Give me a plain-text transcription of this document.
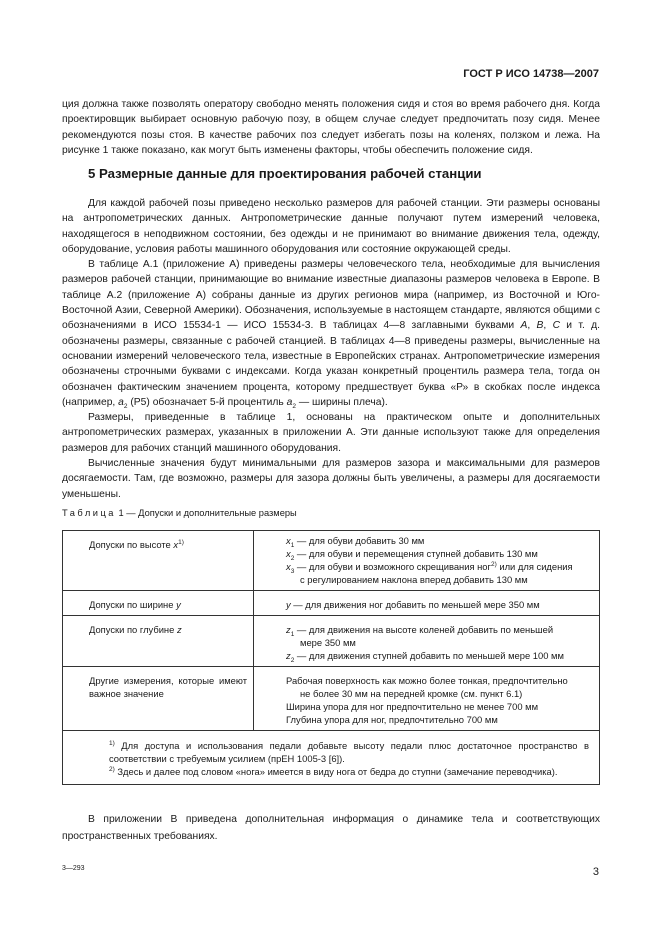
ГОСТ Р ИСО 14738—2007

ция должна также позволять оператору свободно менять положения сидя и стоя во время рабочего дня. Когда проектировщик выбирает основную рабочую позу, в общем случае следует предпочитать позу сидя. Менее рекомендуются позы стоя. В качестве рабочих поз следует избегать позы на коленях, ползком и лежа. На рисунке 1 также показано, как могут быть изменены факторы, чтобы обеспечить положение сидя.

5 Размерные данные для проектирования рабочей станции

Для каждой рабочей позы приведено несколько размеров для рабочей станции. Эти размеры основаны на антропометрических данных. Антропометрические данные получают путем измерений человека, находящегося в неподвижном состоянии, без одежды и не принимают во внимание движения тела, одежду, оборудование, условия работы машинного оборудования или состояние окружающей среды.

В таблице А.1 (приложение А) приведены размеры человеческого тела, необходимые для вычисления размеров рабочей станции, принимающие во внимание известные диапазоны размеров человека в Европе. В таблице А.2 (приложение А) собраны данные из других регионов мира (например, из Восточной и Юго-Восточной Азии, Северной Америки). Обозначения, используемые в настоящем стандарте, являются общими с обозначениями в ИСО 15534-1 — ИСО 15534-3. В таблицах 4—8 заглавными буквами А, В, С и т. д. обозначены размеры, связанные с рабочей станцией. В таблицах 4—8 приведены размеры, вычисленные на основании измерений человеческого тела, известные в Европейских странах. Антропометрические измерения обозначены строчными буквами с индексами. Когда указан конкретный процентиль размера тела, тогда он обозначен фактическим значением процента, которому предшествует буква «Р» в скобках после индекса (например, $a_2$ (Р5) обозначает 5-й процентиль $a_2$ — ширины плеча).

Размеры, приведенные в таблице 1, основаны на практическом опыте и дополнительных антропометрических размерах, указанных в приложении А. Эти данные используют также для определения размеров для рабочих станций машинного оборудования.

Вычисленные значения будут минимальными для размеров зазора и максимальными для размеров досягаемости. Там, где возможно, размеры для зазора должны быть увеличены, а размеры для досягаемости уменьшены.

Таблица 1 — Допуски и дополнительные размеры
Допуски по высоте $x^{1)}$	$x_1$ — для обуви добавить 30 мм
$x_2$ — для обуви и перемещения ступней добавить 130 мм
$x_3$ — для обуви и возможного скрещивания ног$^{2)}$ или для сидения с регулированием наклона вперед добавить 130 мм

Допуски по ширине y	y — для движения ног добавить по меньшей мере 350 мм
Допуски по глубине z	$z_1$ — для движения на высоте коленей добавить по меньшей мере 350 мм
$z_2$ — для движения ступней добавить по меньшей мере 100 мм

Другие измерения, которые имеют важное значение	Рабочая поверхность как можно более тонкая, предпочтительно не более 30 мм на передней кромке (см. пункт 6.1)
Ширина упора для ног предпочтительно не менее 700 мм
Глубина упора для ног, предпочтительно 700 мм

$^{1)}$ Для доступа и использования педали добавьте высоту педали плюс достаточное пространство в соответствии с требуемым усилием (прЕН 1005-3 [6]).
$^{2)}$ Здесь и далее под словом «нога» имеется в виду нога от бедра до ступни (замечание переводчика).	

В приложении В приведена дополнительная информация о динамике тела и соответствующих пространственных требованиях.

3—293	3
